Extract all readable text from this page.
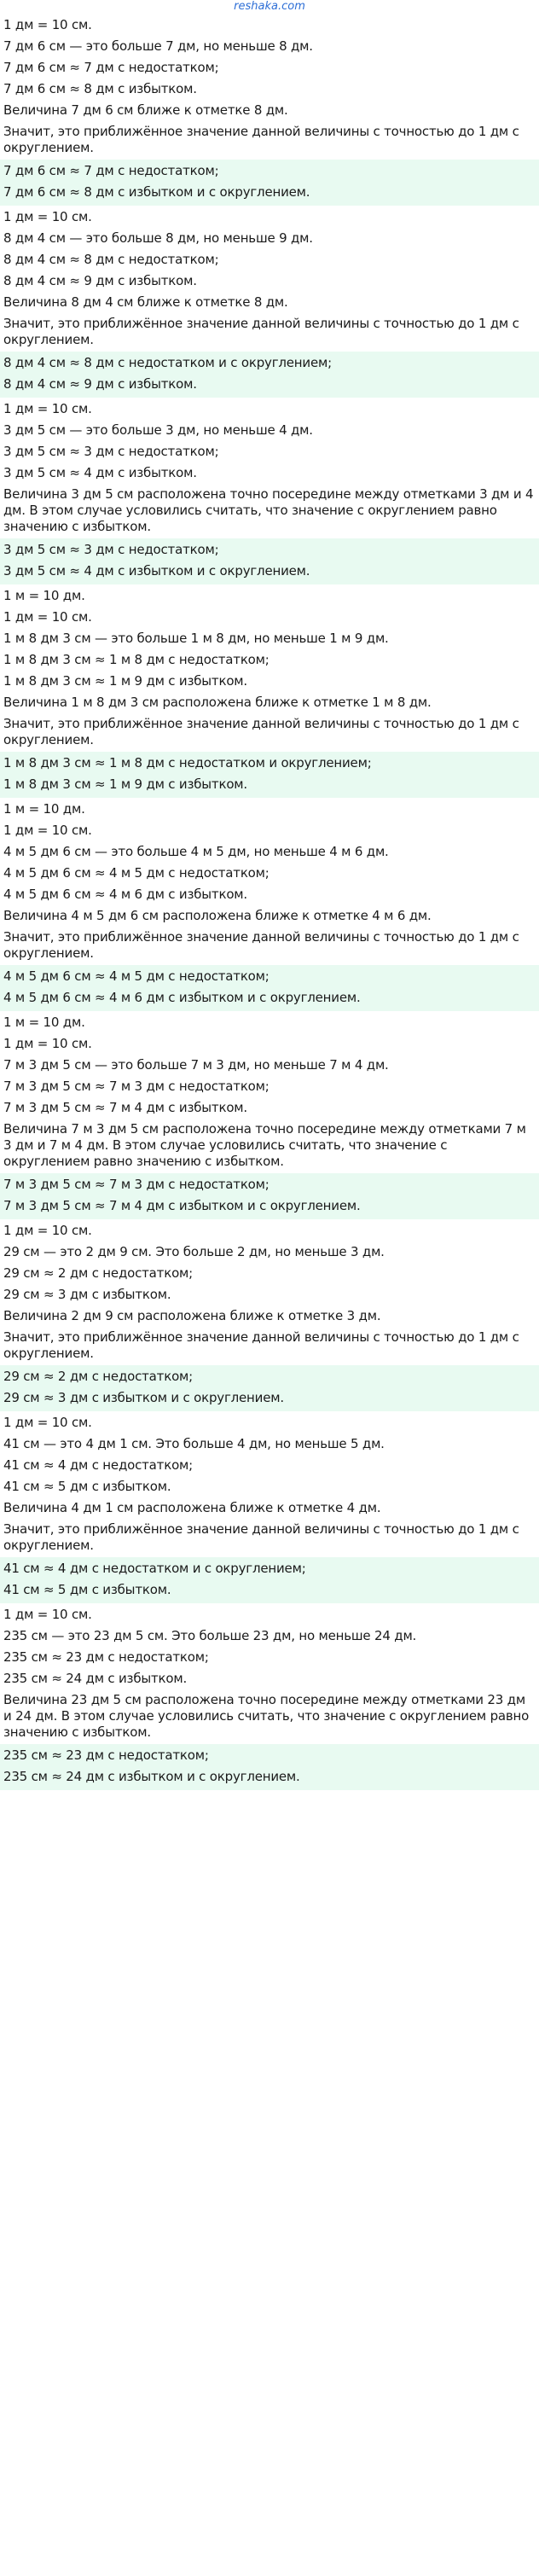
reshaka.com
1 дм = 10 см.
7 дм 6 см — это больше 7 дм, но меньше 8 дм.
7 дм 6 см ≈ 7 дм с недостатком;
7 дм 6 см ≈ 8 дм с избытком.
Величина 7 дм 6 см ближе к отметке 8 дм.
Значит, это приближённое значение данной величины с точностью до 1 дм с округлением.
7 дм 6 см ≈ 7 дм с недостатком;
7 дм 6 см ≈ 8 дм с избытком и с округлением.
1 дм = 10 см.
8 дм 4 см — это больше 8 дм, но меньше 9 дм.
8 дм 4 см ≈ 8 дм с недостатком;
8 дм 4 см ≈ 9 дм с избытком.
Величина 8 дм 4 см ближе к отметке 8 дм.
Значит, это приближённое значение данной величины с точностью до 1 дм с округлением.
8 дм 4 см ≈ 8 дм с недостатком и с округлением;
8 дм 4 см ≈ 9 дм с избытком.
1 дм = 10 см.
3 дм 5 см — это больше 3 дм, но меньше 4 дм.
3 дм 5 см ≈ 3 дм с недостатком;
3 дм 5 см ≈ 4 дм с избытком.
Величина 3 дм 5 см расположена точно посередине между отметками 3 дм и 4 дм. В этом случае условились считать, что значение с округлением равно значению с избытком.
3 дм 5 см ≈ 3 дм с недостатком;
3 дм 5 см ≈ 4 дм с избытком и с округлением.
1 м = 10 дм.
1 дм = 10 см.
1 м 8 дм 3 см — это больше 1 м 8 дм, но меньше 1 м 9 дм.
1 м 8 дм 3 см ≈ 1 м 8 дм с недостатком;
1 м 8 дм 3 см ≈ 1 м 9 дм с избытком.
Величина 1 м 8 дм 3 см расположена ближе к отметке 1 м 8 дм.
Значит, это приближённое значение данной величины с точностью до 1 дм с округлением.
1 м 8 дм 3 см ≈ 1 м 8 дм с недостатком и округлением;
1 м 8 дм 3 см ≈ 1 м 9 дм с избытком.
1 м = 10 дм.
1 дм = 10 см.
4 м 5 дм 6 см — это больше 4 м 5 дм, но меньше 4 м 6 дм.
4 м 5 дм 6 см ≈ 4 м 5 дм с недостатком;
4 м 5 дм 6 см ≈ 4 м 6 дм с избытком.
Величина 4 м 5 дм 6 см расположена ближе к отметке 4 м 6 дм.
Значит, это приближённое значение данной величины с точностью до 1 дм с округлением.
4 м 5 дм 6 см ≈ 4 м 5 дм с недостатком;
4 м 5 дм 6 см ≈ 4 м 6 дм с избытком и с округлением.
1 м = 10 дм.
1 дм = 10 см.
7 м 3 дм 5 см — это больше 7 м 3 дм, но меньше 7 м 4 дм.
7 м 3 дм 5 см ≈ 7 м 3 дм с недостатком;
7 м 3 дм 5 см ≈ 7 м 4 дм с избытком.
Величина 7 м 3 дм 5 см расположена точно посередине между отметками 7 м 3 дм и 7 м 4 дм. В этом случае условились считать, что значение с округлением равно значению с избытком.
7 м 3 дм 5 см ≈ 7 м 3 дм с недостатком;
7 м 3 дм 5 см ≈ 7 м 4 дм с избытком и с округлением.
1 дм = 10 см.
29 см — это 2 дм 9 см. Это больше 2 дм, но меньше 3 дм.
29 см ≈ 2 дм с недостатком;
29 см ≈ 3 дм с избытком.
Величина 2 дм 9 см расположена ближе к отметке 3 дм.
Значит, это приближённое значение данной величины с точностью до 1 дм с округлением.
29 см ≈ 2 дм с недостатком;
29 см ≈ 3 дм с избытком и с округлением.
1 дм = 10 см.
41 см — это 4 дм 1 см. Это больше 4 дм, но меньше 5 дм.
41 см ≈ 4 дм с недостатком;
41 см ≈ 5 дм с избытком.
Величина 4 дм 1 см расположена ближе к отметке 4 дм.
Значит, это приближённое значение данной величины с точностью до 1 дм с округлением.
41 см ≈ 4 дм с недостатком и с округлением;
41 см ≈ 5 дм с избытком.
1 дм = 10 см.
235 см — это 23 дм 5 см. Это больше 23 дм, но меньше 24 дм.
235 см ≈ 23 дм с недостатком;
235 см ≈ 24 дм с избытком.
Величина 23 дм 5 см расположена точно посередине между отметками 23 дм и 24 дм. В этом случае условились считать, что значение с округлением равно значению с избытком.
235 см ≈ 23 дм с недостатком;
235 см ≈ 24 дм с избытком и с округлением.
